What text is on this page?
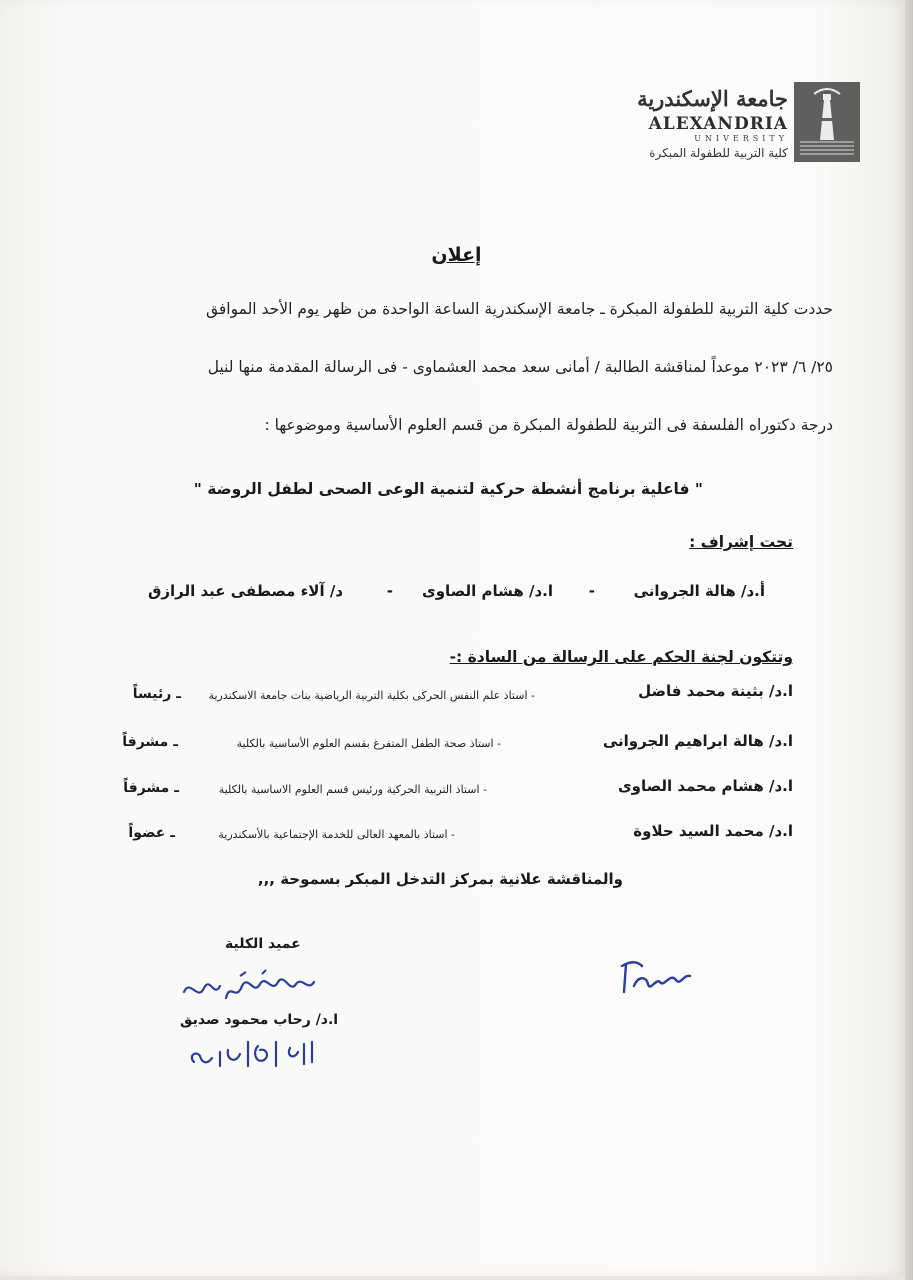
جامعة الإسكندرية
ALEXANDRIA
UNIVERSITY
كلية التربية للطفولة المبكرة
إعلان
حددت كلية التربية للطفولة المبكرة ـ جامعة الإسكندرية الساعة الواحدة من ظهر يوم الأحد الموافق
٢٥/ ٦/ ٢٠٢٣ موعداً لمناقشة الطالبة / أمانى سعد محمد العشماوى - فى الرسالة المقدمة منها لنيل
درجة دكتوراه الفلسفة فى التربية للطفولة المبكرة من قسم العلوم الأساسية وموضوعها :
" فاعلية برنامج أنشطة حركية لتنمية الوعى الصحى لطفل الروضة "
تحت إشراف :
أ.د/ هالة الجروانى
-
ا.د/ هشام الصاوى
-
د/ آلاء مصطفى عبد الرازق
وتتكون لجنة الحكم على الرسالة من السادة :-
ا.د/ بثينة محمد فاضل
- استاذ علم النفس الحركى بكلية التربية الرياضية بنات جامعة الاسكندرية
ـ رئيساً
ا.د/ هالة ابراهيم الجروانى
- استاذ صحة الطفل المتفرغ بقسم العلوم الأساسية بالكلية
ـ مشرفاً
ا.د/ هشام محمد الصاوى
- استاذ التربية الحركية ورئيس قسم العلوم الاساسية بالكلية
ـ مشرفاً
ا.د/ محمد السيد حلاوة
- استاذ بالمعهد العالى للخدمة الإجتماعية بالأسكندرية
ـ عضواً
والمناقشة علانية بمركز التدخل المبكر بسموحة ,,,
عميد الكلية
ا.د/ رحاب محمود صديق
